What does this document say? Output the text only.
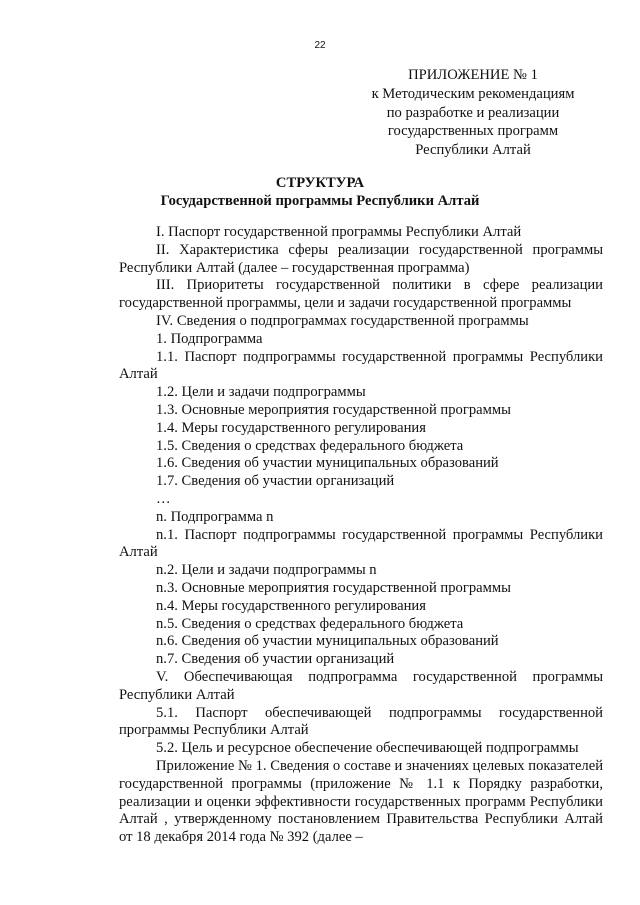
22
ПРИЛОЖЕНИЕ № 1
к Методическим рекомендациям
по разработке и реализации
государственных программ
Республики Алтай
СТРУКТУРА
Государственной программы Республики Алтай

I. Паспорт государственной программы Республики Алтай

II. Характеристика сферы реализации государственной программы Республики Алтай (далее – государственная программа)

III. Приоритеты государственной политики в сфере реализации государственной программы, цели и задачи государственной программы

IV. Сведения о подпрограммах государственной программы

1. Подпрограмма

1.1. Паспорт подпрограммы государственной программы Республики Алтай

1.2. Цели и задачи подпрограммы

1.3. Основные мероприятия государственной программы

1.4. Меры государственного регулирования

1.5. Сведения о средствах федерального бюджета

1.6. Сведения об участии муниципальных образований

1.7. Сведения об участии организаций

…

n. Подпрограмма n

n.1. Паспорт подпрограммы государственной программы Республики Алтай

n.2. Цели и задачи подпрограммы n

n.3. Основные мероприятия государственной программы

n.4. Меры государственного регулирования

n.5. Сведения о средствах федерального бюджета

n.6. Сведения об участии муниципальных образований

n.7. Сведения об участии организаций

V. Обеспечивающая подпрограмма государственной программы Республики Алтай

5.1. Паспорт обеспечивающей подпрограммы государственной программы Республики Алтай

5.2. Цель и ресурсное обеспечение обеспечивающей подпрограммы

Приложение № 1. Сведения о составе и значениях целевых показателей государственной программы (приложение № 1.1 к Порядку разработки, реализации и оценки эффективности государственных программ Республики Алтай , утвержденному постановлением Правительства Республики Алтай от 18 декабря 2014 года № 392 (далее –
